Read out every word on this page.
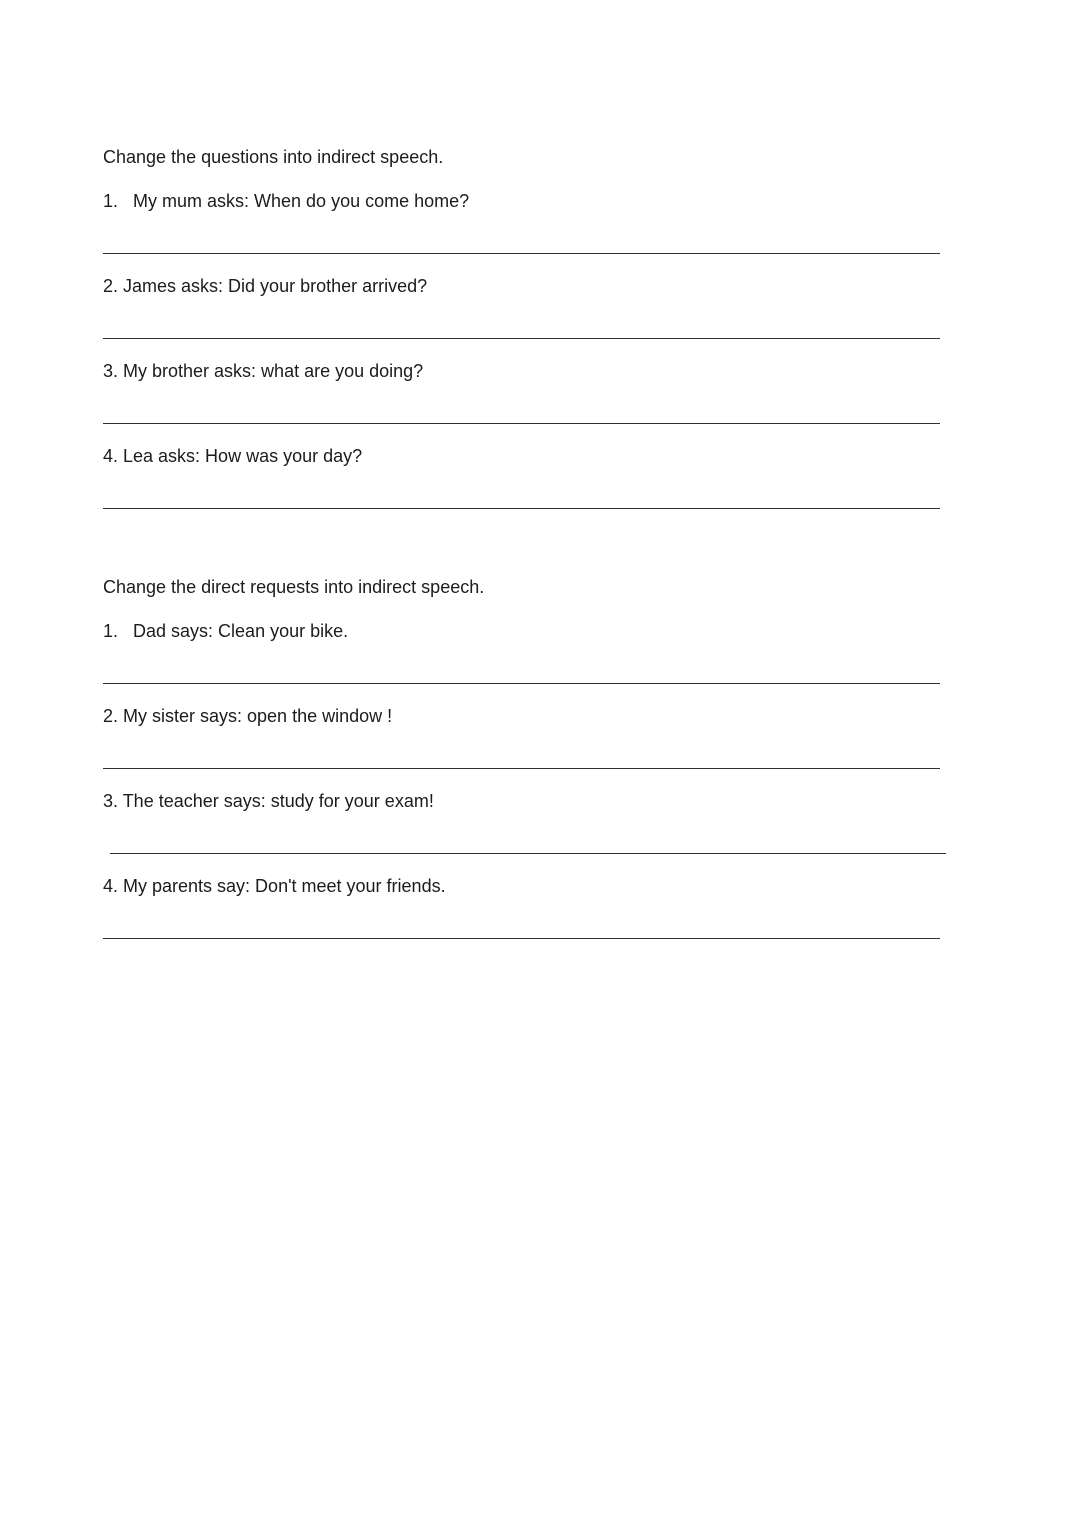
Change the questions into indirect speech.
1.   My mum asks: When do you come home?
2. James asks: Did your brother arrived?
3. My brother asks: what are you doing?
4. Lea asks: How was your day?
Change the direct requests into indirect speech.
1.   Dad says: Clean your bike.
2. My sister says: open the window !
3. The teacher says: study for your exam!
4. My parents say: Don't meet your friends.
